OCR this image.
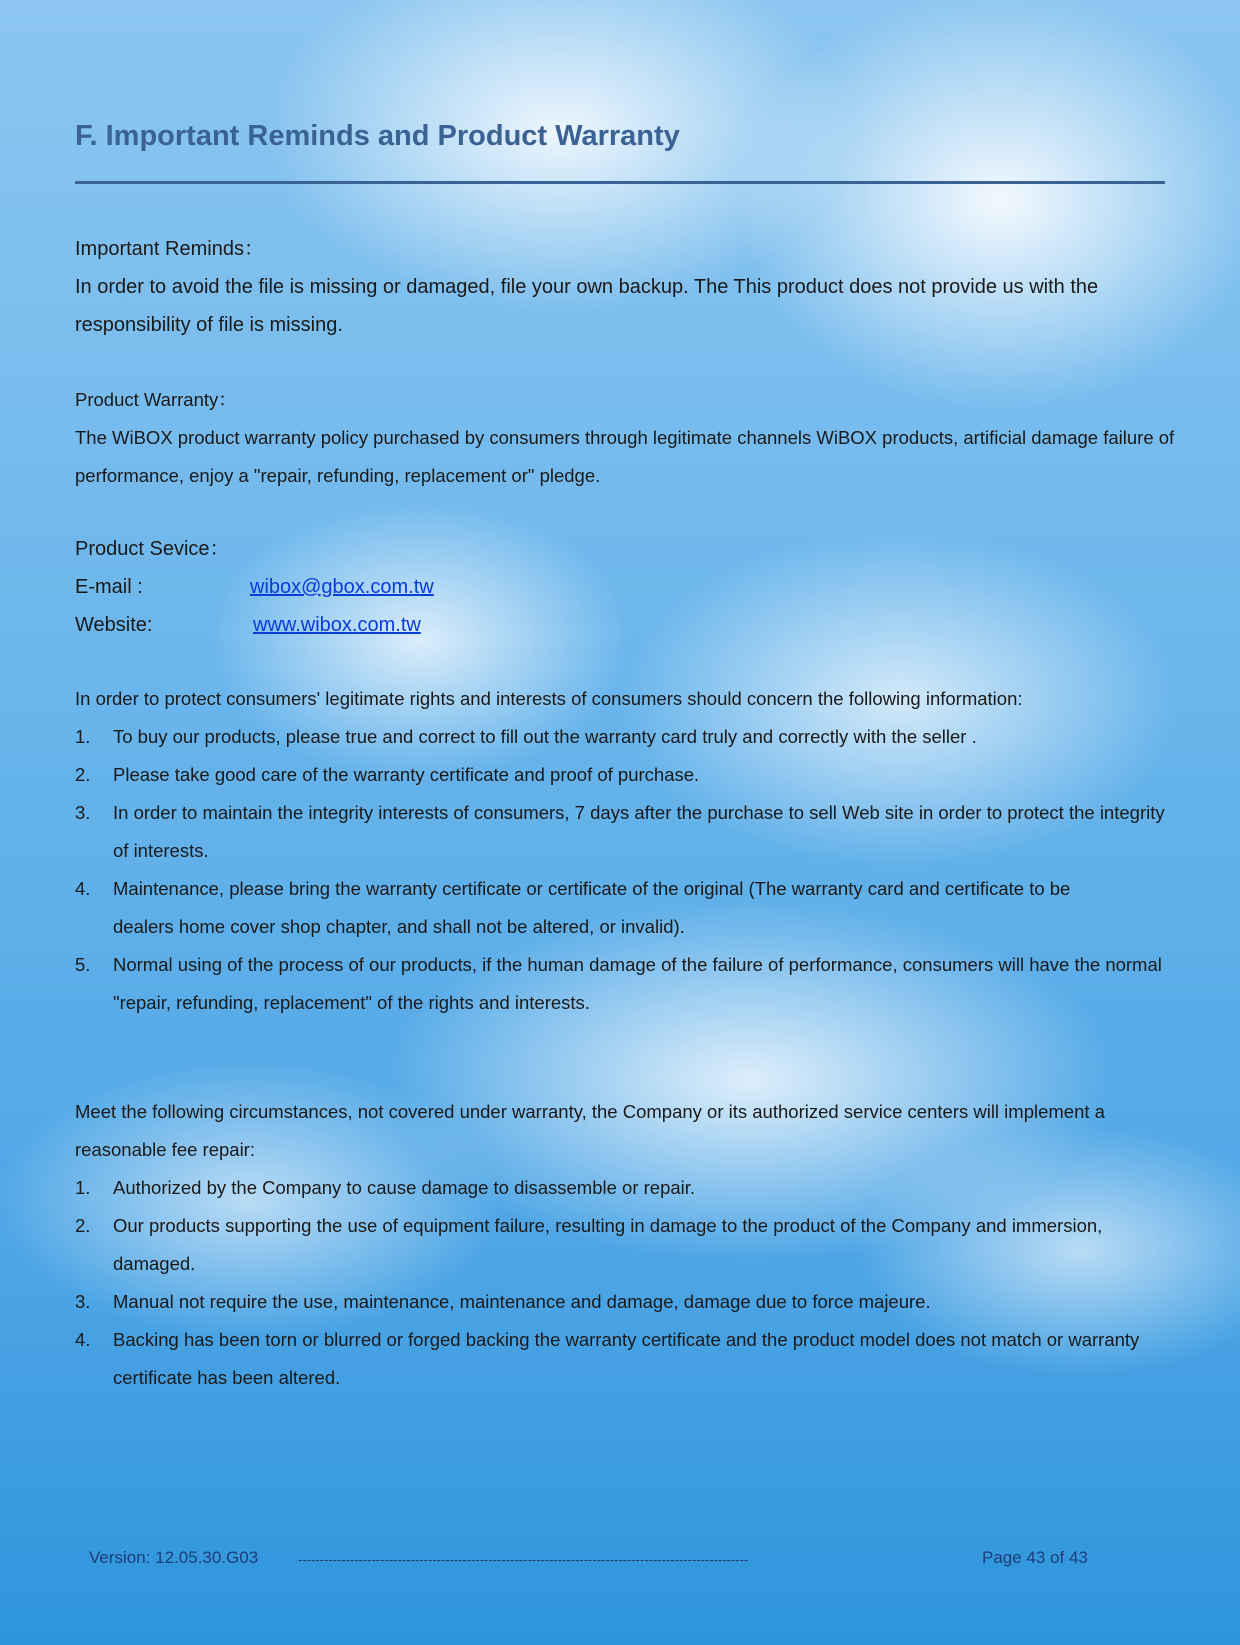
F. Important Reminds and Product Warranty
Important Reminds：
In order to avoid the file is missing or damaged, file your own backup. The This product does not provide us with the responsibility of file is missing.
Product Warranty：
The WiBOX product warranty policy purchased by consumers through legitimate channels WiBOX products, artificial damage failure of performance, enjoy a "repair, refunding, replacement or" pledge.
Product Sevice：
E-mail :	wibox@gbox.com.tw
Website:	www.wibox.com.tw
In order to protect consumers' legitimate rights and interests of consumers should concern the following information:
1. To buy our products, please true and correct to fill out the warranty card truly and correctly with the seller .
2. Please take good care of the warranty certificate and proof of purchase.
3. In order to maintain the integrity interests of consumers, 7 days after the purchase to sell Web site in order to protect the integrity of interests.
4. Maintenance, please bring the warranty certificate or certificate of the original (The warranty card and certificate to be dealers home cover shop chapter, and shall not be altered, or invalid).
5. Normal using of the process of our products, if the human damage of the failure of performance, consumers will have the normal "repair, refunding, replacement" of the rights and interests.
Meet the following circumstances, not covered under warranty, the Company or its authorized service centers will implement a reasonable fee repair:
1. Authorized by the Company to cause damage to disassemble or repair.
2. Our products supporting the use of equipment failure, resulting in damage to the product of the Company and immersion, damaged.
3. Manual not require the use, maintenance, maintenance and damage, damage due to force majeure.
4. Backing has been torn or blurred or forged backing the warranty certificate and the product model does not match or warranty certificate has been altered.
Version: 12.05.30.G03	--------------------------------------------------------------------------------------------------------	Page 43 of 43
